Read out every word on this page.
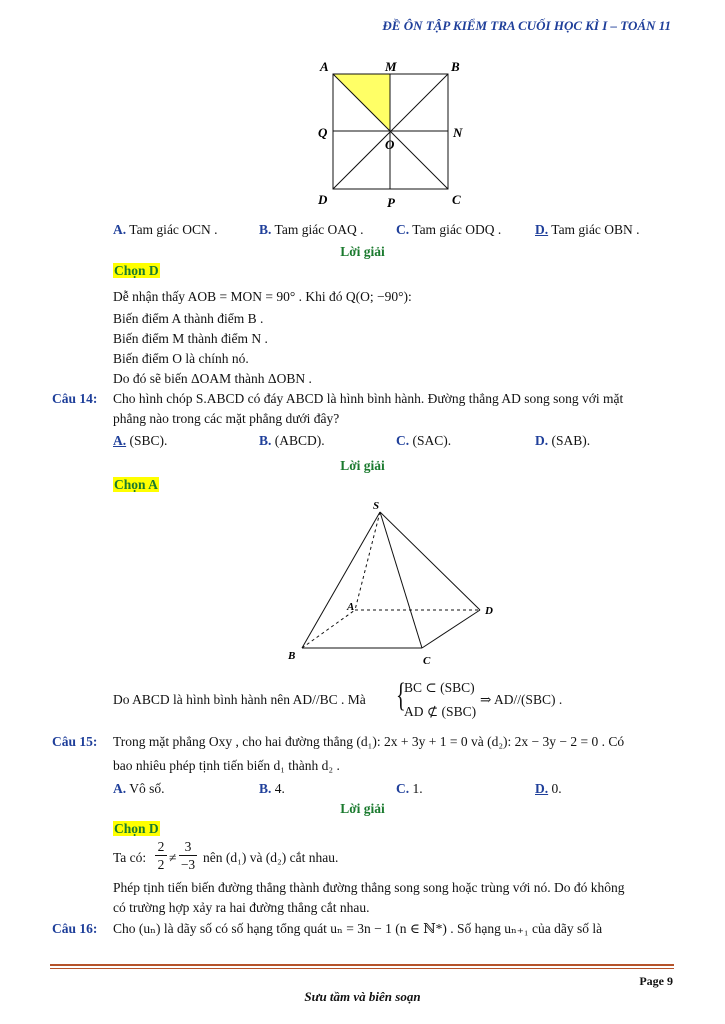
ĐỀ ÔN TẬP KIỂM TRA CUỐI HỌC KÌ I – TOÁN 11
A	M	B
Q
O
N
D	P	C
A. Tam giác OCN .	B. Tam giác OAQ . C. Tam giác ODQ . D. Tam giác OBN .
Lời giải
Chọn D
Dễ nhận thấy AOB = MON = 90° . Khi đó Q(O; −90°):
Biến điểm A thành điểm B .
Biến điểm M thành điểm N .
Biến điểm O là chính nó.
Do đó sẽ biến ΔOAM thành ΔOBN .
Câu 14: Cho hình chóp S.ABCD có đáy ABCD là hình bình hành. Đường thẳng AD song song với mặt
phẳng nào trong các mặt phẳng dưới đây?
A. (SBC).	B. (ABCD).	C. (SAC).	D. (SAB).
Lời giải
Chọn A
S
A
B	C
D
Do ABCD là hình bình hành nên AD//BC . Mà {
BC ⊂ (SBC)
AD ⊄ (SBC)
⇒ AD//(SBC) .
Câu 15: Trong mặt phẳng Oxy , cho hai đường thẳng (d₁): 2x + 3y + 1 = 0 và (d₂): 2x − 3y − 2 = 0 . Có
bao nhiêu phép tịnh tiến biến d₁ thành d₂ .
A. Vô số.	B. 4.	C. 1.	D. 0.
Lời giải
Chọn D
Ta có:
2
2 ≠
3
−3 nên (d₁) và (d₂) cắt nhau.
Phép tịnh tiến biến đường thẳng thành đường thẳng song song hoặc trùng với nó. Do đó không
có trường hợp xảy ra hai đường thẳng cắt nhau.
Câu 16: Cho (uₙ) là dãy số có số hạng tổng quát uₙ = 3n − 1 (n ∈ ℕ*) . Số hạng uₙ₊₁ của dãy số là
Page 9
Sưu tầm và biên soạn
